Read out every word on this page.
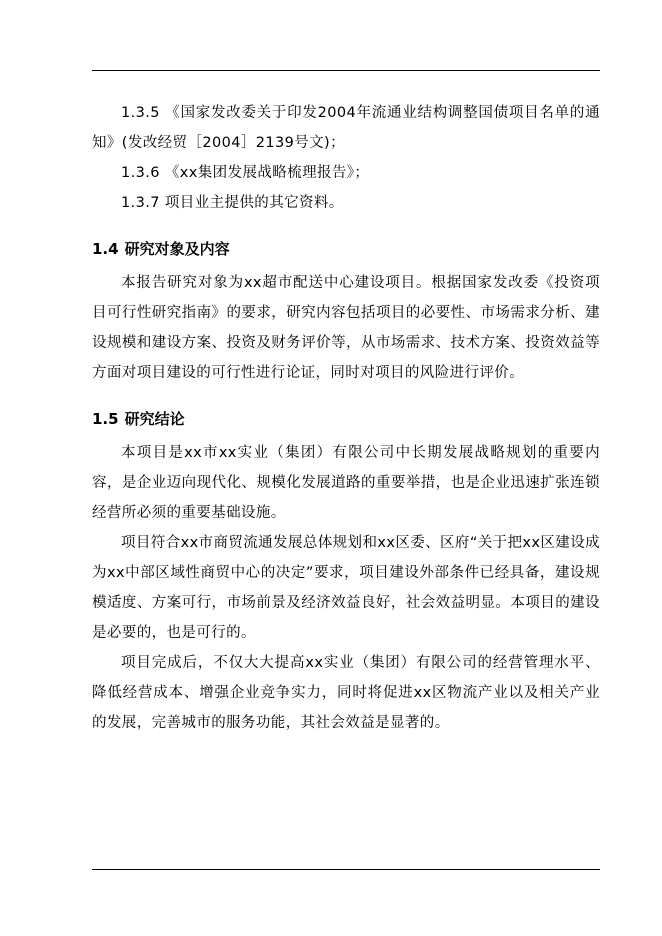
1.3.5 《国家发改委关于印发2004年流通业结构调整国债项目名单的通知》(发改经贸［2004］2139号文)；

1.3.6 《xx集团发展战略梳理报告》；

1.3.7 项目业主提供的其它资料。

1.4 研究对象及内容

本报告研究对象为xx超市配送中心建设项目。根据国家发改委《投资项目可行性研究指南》的要求，研究内容包括项目的必要性、市场需求分析、建设规模和建设方案、投资及财务评价等，从市场需求、技术方案、投资效益等方面对项目建设的可行性进行论证，同时对项目的风险进行评价。

1.5 研究结论

本项目是xx市xx实业（集团）有限公司中长期发展战略规划的重要内容，是企业迈向现代化、规模化发展道路的重要举措，也是企业迅速扩张连锁经营所必须的重要基础设施。

项目符合xx市商贸流通发展总体规划和xx区委、区府“关于把xx区建设成为xx中部区域性商贸中心的决定”要求，项目建设外部条件已经具备，建设规模适度、方案可行，市场前景及经济效益良好，社会效益明显。本项目的建设是必要的，也是可行的。

项目完成后，不仅大大提高xx实业（集团）有限公司的经营管理水平、降低经营成本、增强企业竞争实力，同时将促进xx区物流产业以及相关产业的发展，完善城市的服务功能，其社会效益是显著的。
